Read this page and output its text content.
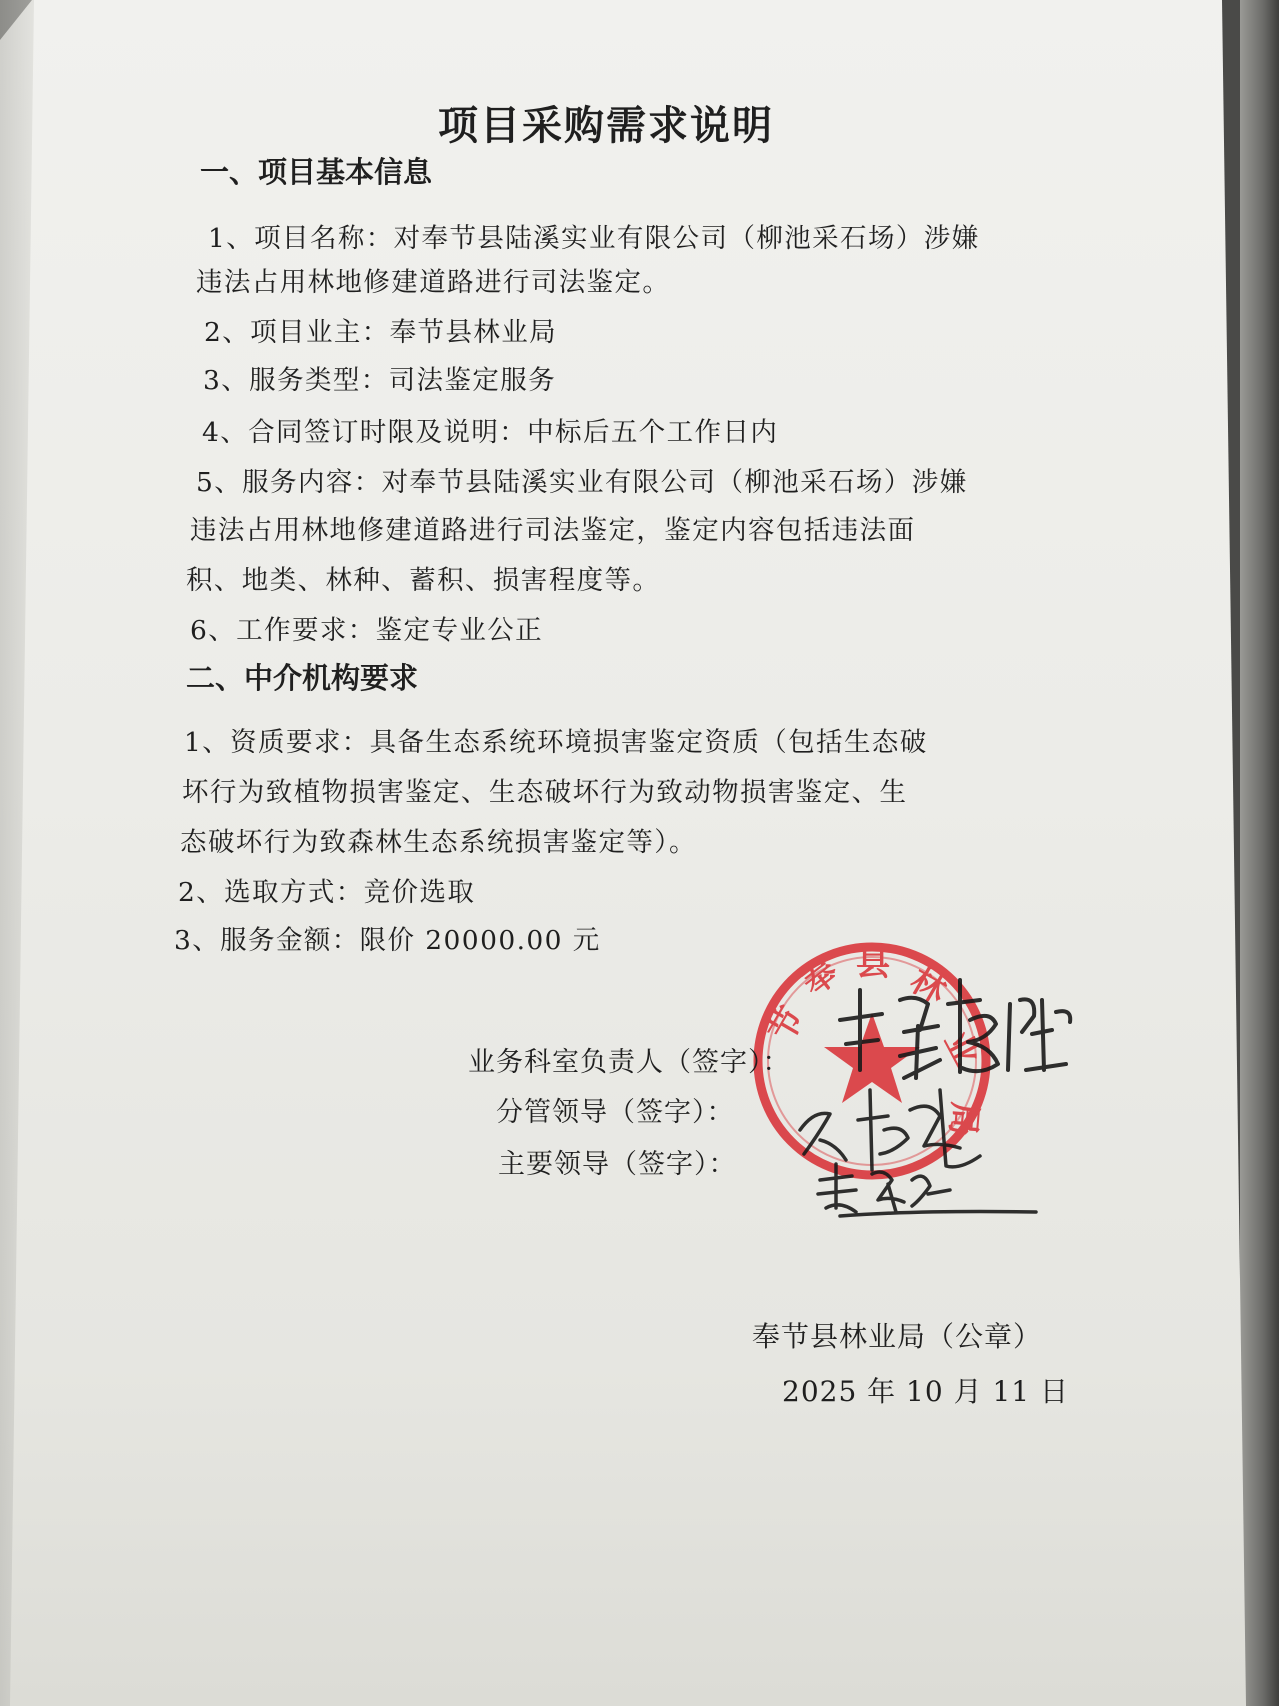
项目采购需求说明
一、项目基本信息
1、项目名称：对奉节县陆溪实业有限公司（柳池采石场）涉嫌
违法占用林地修建道路进行司法鉴定。
2、项目业主：奉节县林业局
3、服务类型：司法鉴定服务
4、合同签订时限及说明：中标后五个工作日内
5、服务内容：对奉节县陆溪实业有限公司（柳池采石场）涉嫌
违法占用林地修建道路进行司法鉴定，鉴定内容包括违法面
积、地类、林种、蓄积、损害程度等。
6、工作要求：鉴定专业公正
二、中介机构要求
1、资质要求：具备生态系统环境损害鉴定资质（包括生态破
坏行为致植物损害鉴定、生态破坏行为致动物损害鉴定、生
态破坏行为致森林生态系统损害鉴定等）。
2、选取方式：竞价选取
3、服务金额：限价 20000.00 元
奉
节
县 林
业
局
业务科室负责人（签字）：
分管领导（签字）：
主要领导（签字）：
奉节县林业局（公章）
2025 年 10 月 11 日
